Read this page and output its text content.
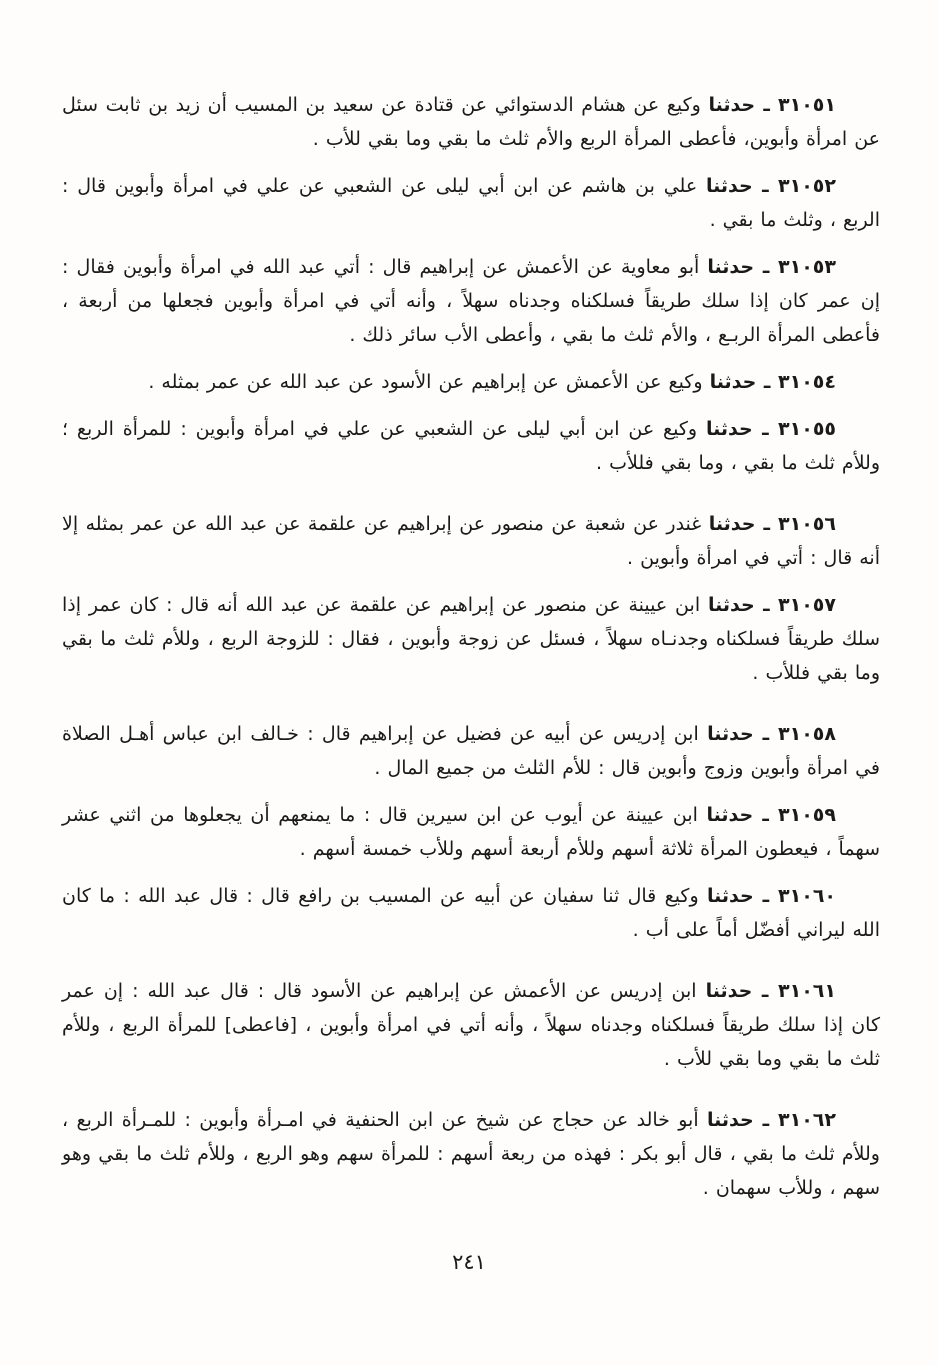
٣١٠٥١ ـ حدثنا وكيع عن هشام الدستوائي عن قتادة عن سعيد بن المسيب أن زيد بن ثابت سئل عن امرأة وأبوين، فأعطى المرأة الربع والأم ثلث ما بقي وما بقي للأب .

٣١٠٥٢ ـ حدثنا علي بن هاشم عن ابن أبي ليلى عن الشعبي عن علي في امرأة وأبوين قال : الربع ، وثلث ما بقي .

٣١٠٥٣ ـ حدثنا أبو معاوية عن الأعمش عن إبراهيم قال : أتي عبد الله في امرأة وأبوين فقال : إن عمر كان إذا سلك طريقاً فسلكناه وجدناه سهلاً ، وأنه أتي في امرأة وأبوين فجعلها من أربعة ، فأعطى المرأة الربـع ، والأم ثلث ما بقي ، وأعطى الأب سائر ذلك .

٣١٠٥٤ ـ حدثنا وكيع عن الأعمش عن إبراهيم عن الأسود عن عبد الله عن عمر بمثله .

٣١٠٥٥ ـ حدثنا وكيع عن ابن أبي ليلى عن الشعبي عن علي في امرأة وأبوين : للمرأة الربع ؛ وللأم ثلث ما بقي ، وما بقي فللأب .

٣١٠٥٦ ـ حدثنا غندر عن شعبة عن منصور عن إبراهيم عن علقمة عن عبد الله عن عمر بمثله إلا أنه قال : أتي في امرأة وأبوين .

٣١٠٥٧ ـ حدثنا ابن عيينة عن منصور عن إبراهيم عن علقمة عن عبد الله أنه قال : كان عمر إذا سلك طريقاً فسلكناه وجدنـاه سهلاً ، فسئل عن زوجة وأبوين ، فقال : للزوجة الربع ، وللأم ثلث ما بقي وما بقي فللأب .

٣١٠٥٨ ـ حدثنا ابن إدريس عن أبيه عن فضيل عن إبراهيم قال : خـالف ابن عباس أهـل الصلاة في امرأة وأبوين وزوج وأبوين قال : للأم الثلث من جميع المال .

٣١٠٥٩ ـ حدثنا ابن عيينة عن أيوب عن ابن سيرين قال : ما يمنعهم أن يجعلوها من اثني عشر سهماً ، فيعطون المرأة ثلاثة أسهم وللأم أربعة أسهم وللأب خمسة أسهم .

٣١٠٦٠ ـ حدثنا وكيع قال ثنا سفيان عن أبيه عن المسيب بن رافع قال : قال عبد الله : ما كان الله ليراني أفضّل أماً على أب .

٣١٠٦١ ـ حدثنا ابن إدريس عن الأعمش عن إبراهيم عن الأسود قال : قال عبد الله : إن عمر كان إذا سلك طريقاً فسلكناه وجدناه سهلاً ، وأنه أتي في امرأة وأبوين ، [فاعطى] للمرأة الربع ، وللأم ثلث ما بقي وما بقي للأب .

٣١٠٦٢ ـ حدثنا أبو خالد عن حجاج عن شيخ عن ابن الحنفية في امـرأة وأبوين : للمـرأة الربع ، وللأم ثلث ما بقي ، قال أبو بكر : فهذه من ربعة أسهم : للمرأة سهم وهو الربع ، وللأم ثلث ما بقي وهو سهم ، وللأب سهمان .

٢٤١
